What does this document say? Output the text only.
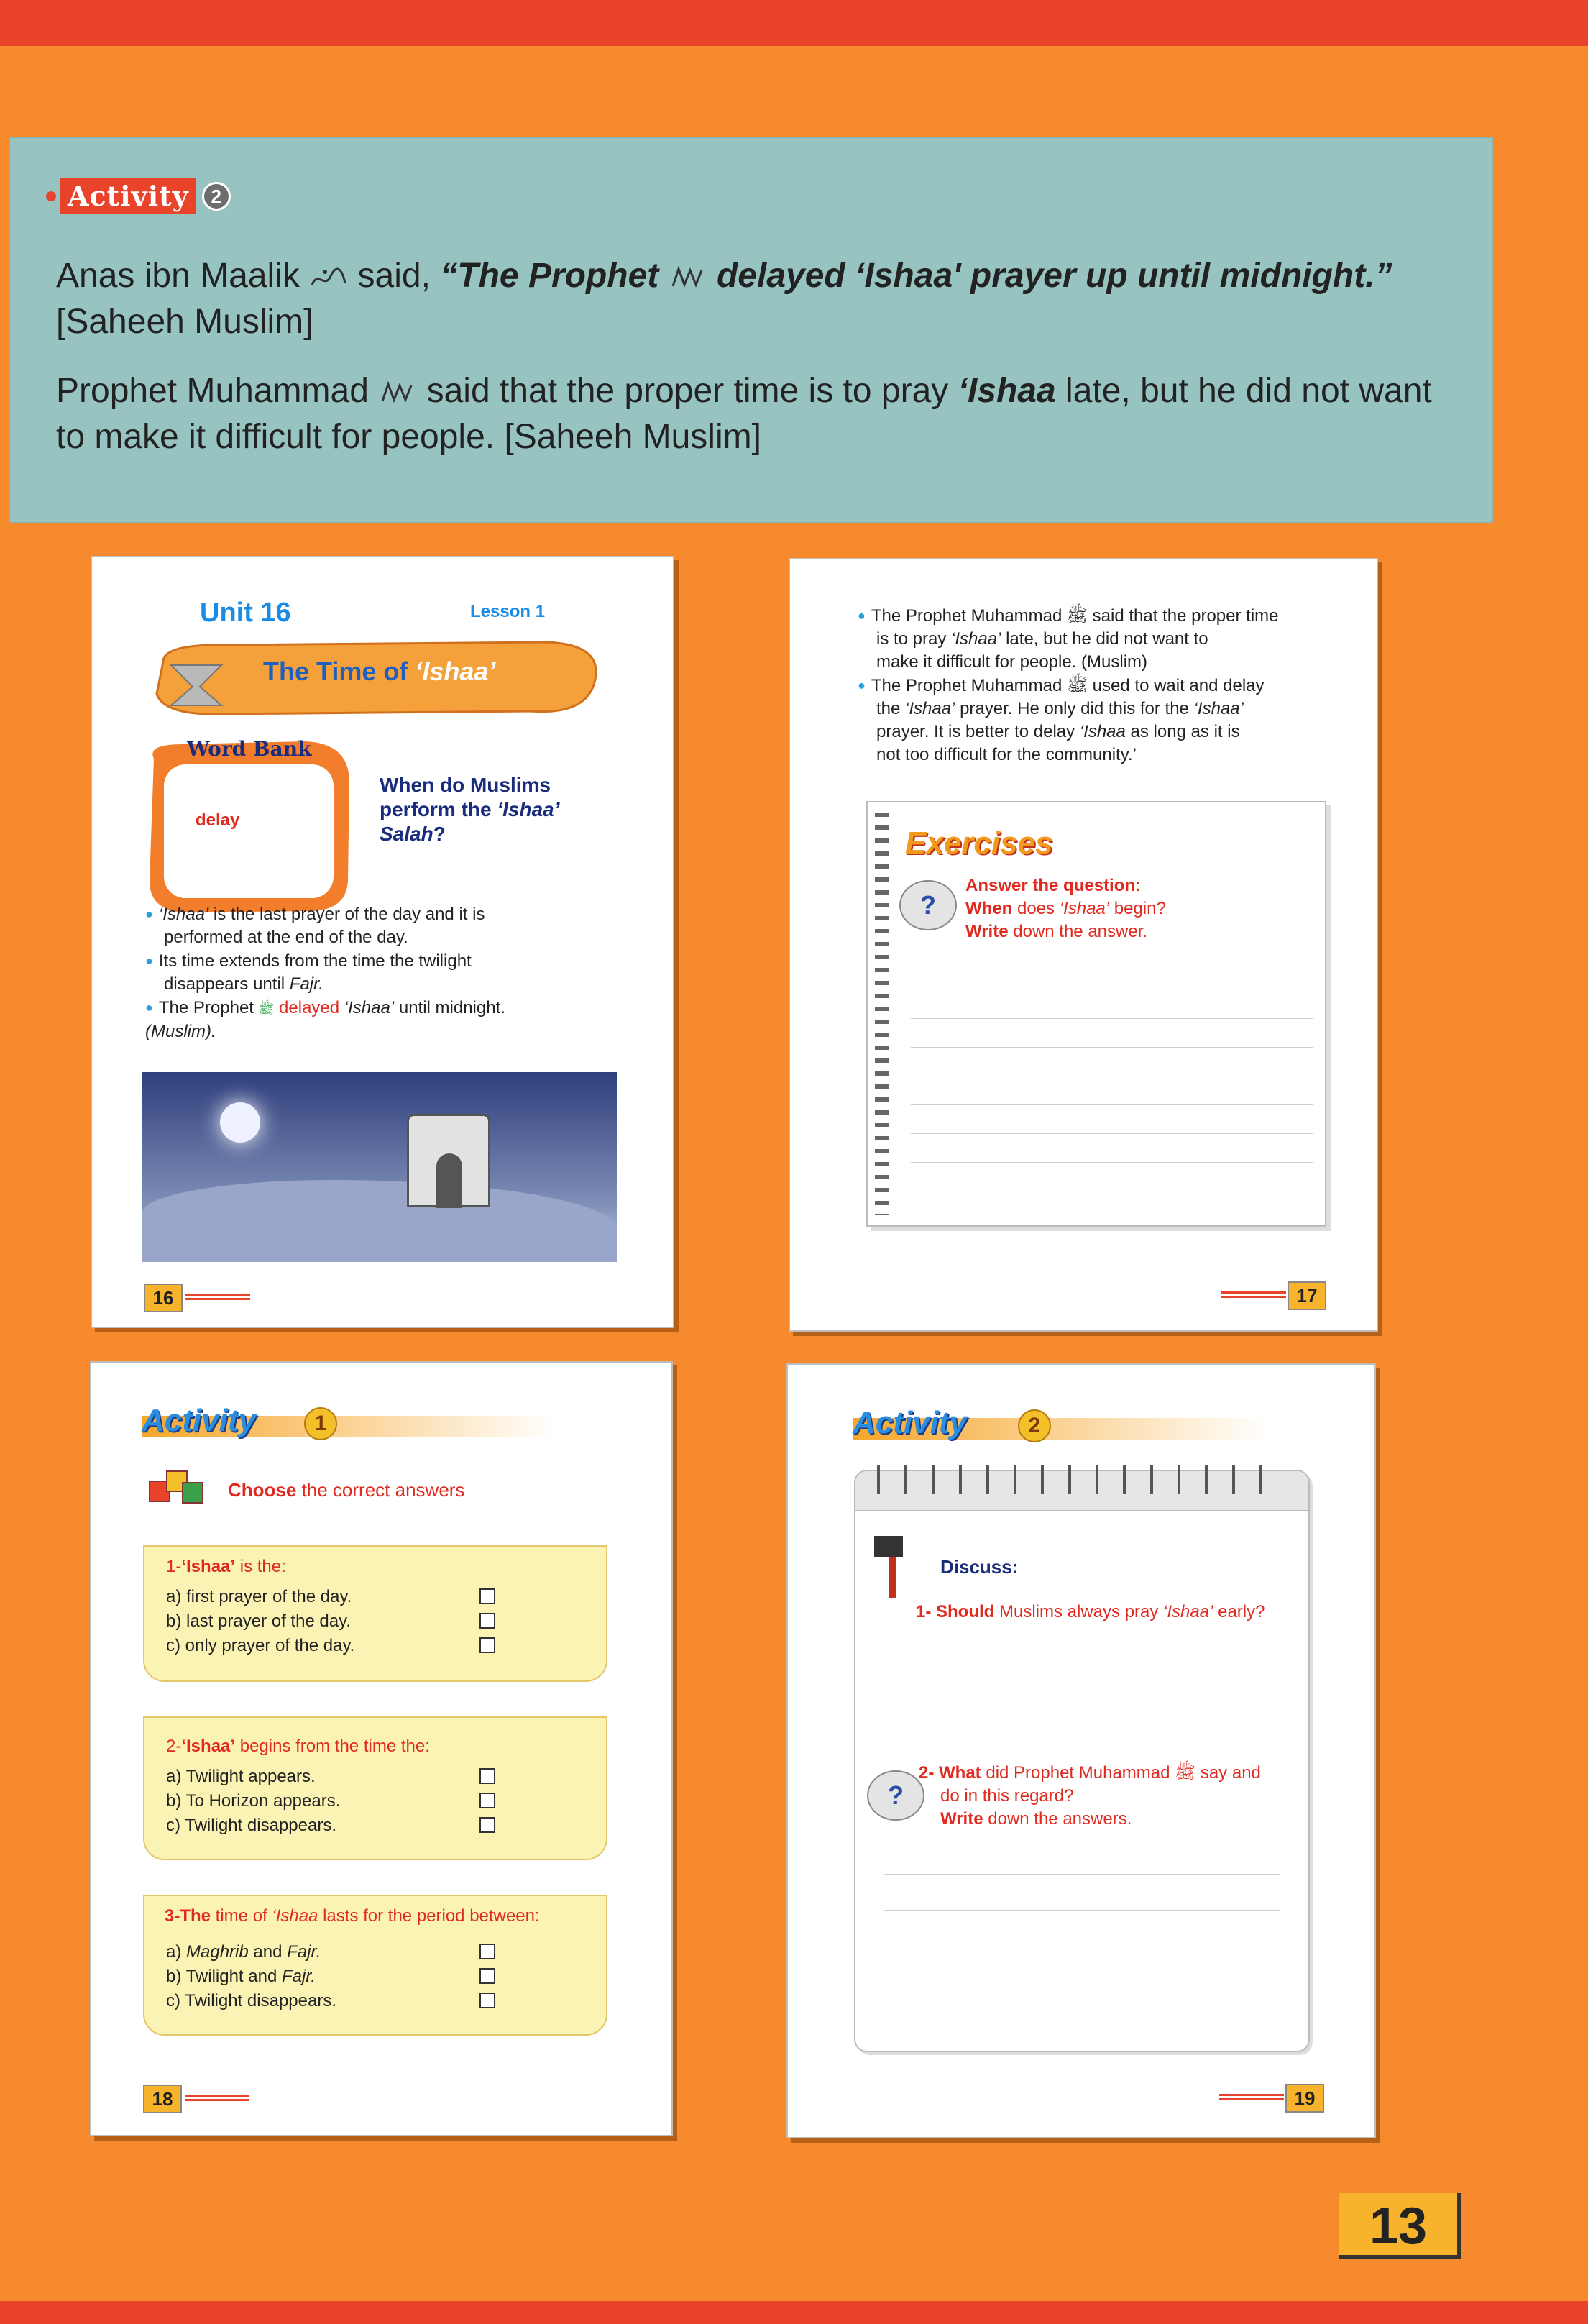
Activity	2
Anas ibn Maalik  said, “The Prophet  delayed ‘Ishaa' prayer up until midnight.”
[Saheeh Muslim]
Prophet Muhammad  said that the proper time is to pray ‘Ishaa late, but he did not want to make it difficult for people. [Saheeh Muslim]
Unit 16	Lesson 1
The Time of ‘Ishaa’
Word Bank
delay
When do Muslims
perform the ‘Ishaa’
Salah?
● ‘Ishaa’ is the last prayer of the day and it is
performed at the end of the day.
● Its time extends from the time the twilight
disappears until Fajr.
● The Prophet ﷺ delayed ‘Ishaa’ until midnight.
(Muslim).
16
● The Prophet Muhammad ﷺ said that the proper time
is to pray ‘Ishaa’ late, but he did not want to
make it difficult for people. (Muslim)
● The Prophet Muhammad ﷺ used to wait and delay
the ‘Ishaa’ prayer. He only did this for the ‘Ishaa’
prayer. It is better to delay ‘Ishaa as long as it is
not too difficult for the community.’
Exercises
?
Answer the question:
When does ‘Ishaa’ begin?
Write down the answer.
17
Activity	1
Choose the correct answers
1-‘Ishaa’ is the:
a) first prayer of the day.
b) last prayer of the day.
c) only prayer of the day.
2-‘Ishaa’ begins from the time the:
a) Twilight appears.
b) To Horizon appears.
c) Twilight disappears.
3-The time of ‘Ishaa lasts for the period between:
a) Maghrib and Fajr.
b) Twilight and Fajr.
c) Twilight disappears.
18
Activity	2
Discuss:
1- Should Muslims always pray ‘Ishaa’ early?
?
2- What did Prophet Muhammad ﷺ say and
do in this regard?
Write down the answers.
19
13
